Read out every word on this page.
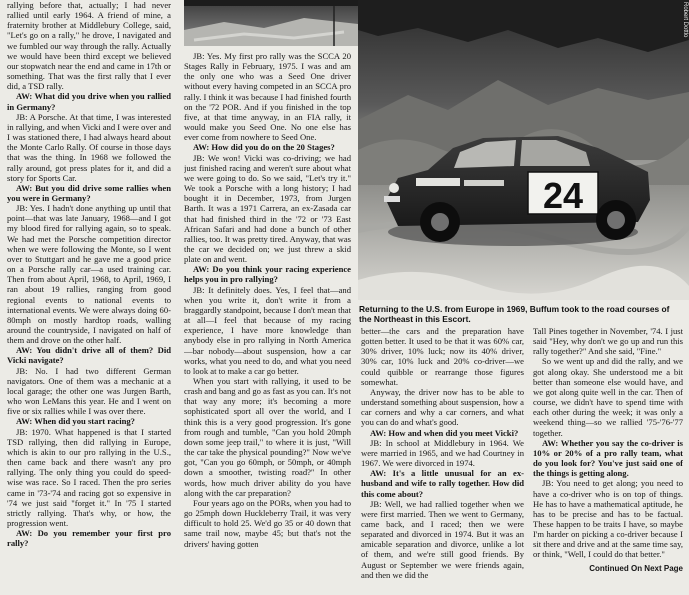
24
Robert Dottlo
Returning to the U.S. from Europe in 1969, Buffum took to the road courses of the Northeast in this Escort.

rallying before that, actually; I had never rallied until early 1964. A friend of mine, a fraternity brother at Middlebury College, said, "Let's go on a rally," he drove, I navigated and we fumbled our way through the rally. Actually we would have been third except we believed our stopwatch near the end and came in 17th or something. That was the first rally that I ever did, a TSD rally.

AW: What did you drive when you rallied in Germany?

JB: A Porsche. At that time, I was interested in rallying, and when Vicki and I were over and I was stationed there, I had always heard about the Monte Carlo Rally. Of course in those days that was the thing. In 1968 we followed the rally around, got press plates for it, and did a story for Sports Car.

AW: But you did drive some rallies when you were in Germany?

JB: Yes. I hadn't done anything up until that point—that was late January, 1968—and I got my blood fired for rallying again, so to speak. We had met the Porsche competition director when we were following the Monte, so I went over to Stuttgart and he gave me a good price on a Porsche rally car—a used training car. Then from about April, 1968, to April, 1969, I ran about 19 rallies, ranging from good regional events to national events to international events. We were always doing 60-80mph on mostly hardtop roads, walling around the countryside, I navigated on half of them and drove on the other half.

AW: You didn't drive all of them? Did Vicki navigate?

JB: No. I had two different German navigators. One of them was a mechanic at a local garage; the other one was Jurgen Barth, who won LeMans this year. He and I went on five or six rallies while I was over there.

AW: When did you start racing?

JB: 1970. What happened is that I started TSD rallying, then did rallying in Europe, which is akin to our pro rallying in the U.S., then came back and there wasn't any pro rallying. The only thing you could do speed-wise was race. So I raced. Then the pro series came in '73-'74 and racing got so expensive in '74 we just said "forget it." In '75 I started strictly rallying. That's why, or how, the progression went.

AW: Do you remember your first pro rally?

JB: Yes. My first pro rally was the SCCA 20 Stages Rally in February, 1975. I was and am the only one who was a Seed One driver without every having competed in an SCCA pro rally. I think it was because I had finished fourth on the '72 POR. And if you finished in the top five, at that time anyway, in an FIA rally, it would make you Seed One. No one else has ever come from nowhere to Seed One.

AW: How did you do on the 20 Stages?

JB: We won! Vicki was co-driving; we had just finished racing and weren't sure about what we were going to do. So we said, "Let's try it." We took a Porsche with a long history; I had bought it in December, 1973, from Jurgen Barth. It was a 1971 Carrera, an ex-Zasada car that had finished third in the '72 or '73 East African Safari and had done a bunch of other rallies, too. It was pretty tired. Anyway, that was the car we decided on; we just threw a skid plate on and went.

AW: Do you think your racing experience helps you in pro rallying?

JB: It definitely does. Yes, I feel that—and when you write it, don't write it from a braggardly standpoint, because I don't mean that at all—I feel that because of my racing experience, I have more knowledge than anybody else in pro rallying in North America—bar nobody—about suspension, how a car works, what you need to do, and what you need to look at to make a car go better.

When you start with rallying, it used to be crash and bang and go as fast as you can. It's not that way any more; it's becoming a more sophisticated sport all over the world, and I think this is a very good progression. It's gone from rough and tumble, "Can you hold 20mph down some jeep trail," to where it is just, "Will the car take the physical pounding?" Now we've got, "Can you go 60mph, or 50mph, or 40mph down a smoother, twisting road?" In other words, how much driver ability do you have along with the car preparation?

Four years ago on the PORs, when you had to go 25mph down Huckleberry Trail, it was very difficult to hold 25. We'd go 35 or 40 down that same trail now, maybe 45; but that's not the drivers' having gotten

better—the cars and the preparation have gotten better. It used to be that it was 60% car, 30% driver, 10% luck; now its 40% driver, 30% car, 10% luck and 20% co-driver—we could quibble or rearrange those figures somewhat.

Anyway, the driver now has to be able to understand something about suspension, how a car corners and why a car corners, and what you can do and what's good.

AW: How and when did you meet Vicki?

JB: In school at Middlebury in 1964. We were married in 1965, and we had Courtney in 1967. We were divorced in 1974.

AW: It's a little unusual for an ex-husband and wife to rally together. How did this come about?

JB: Well, we had rallied together when we were first married. Then we went to Germany, came back, and I raced; then we were separated and divorced in 1974. But it was an amicable separation and divorce, unlike a lot of them, and we're still good friends. By August or September we were friends again, and then we did the

Tall Pines together in November, '74. I just said "Hey, why don't we go up and run this rally together?" And she said, "Fine."

So we went up and did the rally, and we got along okay. She understood me a bit better than someone else would have, and we got along quite well in the car. Then of course, we didn't have to spend time with each other during the week; it was only a weekend thing—so we rallied '75-'76-'77 together.

AW: Whether you say the co-driver is 10% or 20% of a pro rally team, what do you look for? You've just said one of the things is getting along.

JB: You need to get along; you need to have a co-driver who is on top of things. He has to have a mathematical aptitude, he has to be precise and has to be factual. These happen to be traits I have, so maybe I'm harder on picking a co-driver because I sit there and drive and at the same time say, or think, "Well, I could do that better."

Continued On Next Page
